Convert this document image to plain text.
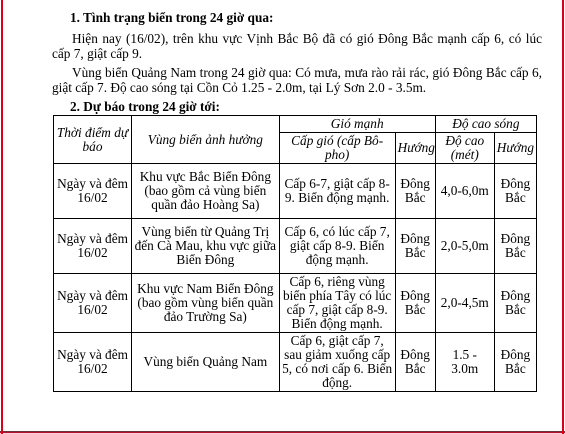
1. Tình trạng biển trong 24 giờ qua:
Hiện nay (16/02), trên khu vực Vịnh Bắc Bộ đã có gió Đông Bắc mạnh cấp 6, có lúc cấp 7, giật cấp 9.
Vùng biển Quảng Nam trong 24 giờ qua: Có mưa, mưa rào rải rác, gió Đông Bắc cấp 6, giật cấp 7. Độ cao sóng tại Cồn Cỏ 1.25 - 2.0m, tại Lý Sơn 2.0 - 3.5m.
2. Dự báo trong 24 giờ tới:
Thời điểm dự báo	Vùng biển ảnh hưởng	Gió mạnh		Độ cao sóng	
		Cấp gió (cấp Bô-pho)	Hướng	Độ cao (mét)	Hướng
Ngày và đêm 16/02	Khu vực Bắc Biển Đông (bao gồm cả vùng biển quần đảo Hoàng Sa)	Cấp 6-7, giật cấp 8-9. Biển động mạnh.	Đông Bắc	4,0-6,0m	Đông Bắc
Ngày và đêm 16/02	Vùng biển từ Quảng Trị đến Cà Mau, khu vực giữa Biển Đông	Cấp 6, có lúc cấp 7, giật cấp 8-9. Biển động mạnh.	Đông Bắc	2,0-5,0m	Đông Bắc
Ngày và đêm 16/02	Khu vực Nam Biển Đông (bao gồm vùng biển quần đảo Trường Sa)	Cấp 6, riêng vùng biển phía Tây có lúc cấp 7, giật cấp 8-9. Biển động mạnh.	Đông Bắc	2,0-4,5m	Đông Bắc
Ngày và đêm 16/02	Vùng biển Quảng Nam	Cấp 6, giật cấp 7, sau giảm xuống cấp 5, có nơi cấp 6. Biển động.	Đông Bắc	1.5 - 3.0m	Đông Bắc
